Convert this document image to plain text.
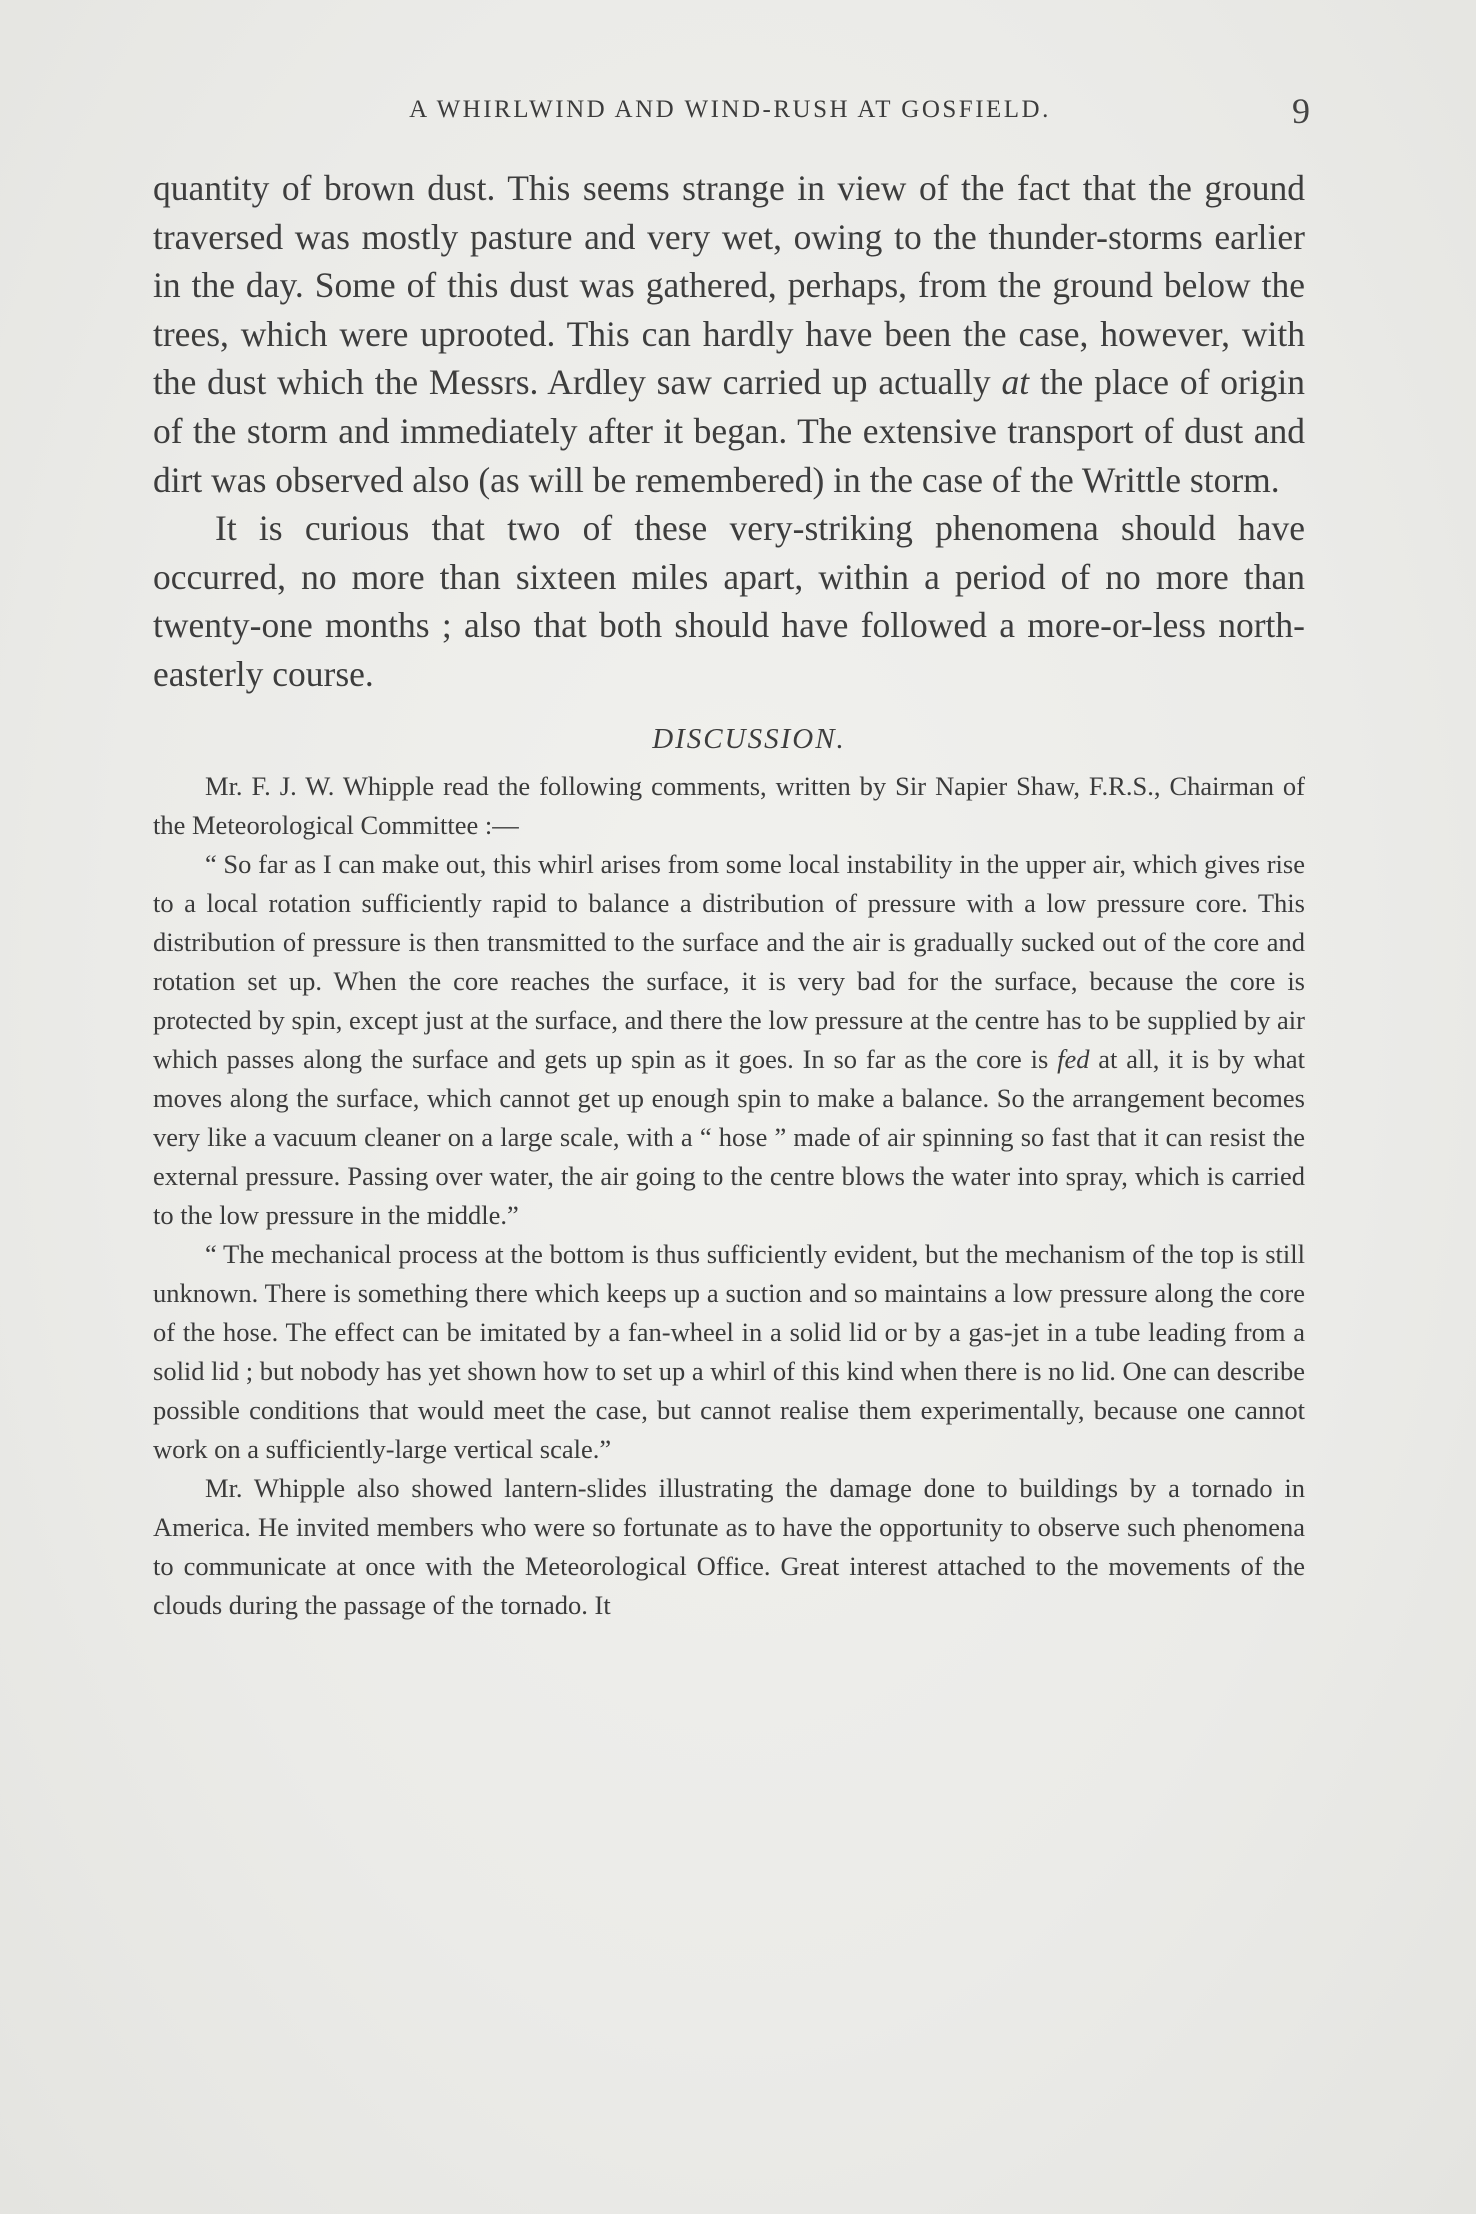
A WHIRLWIND AND WIND-RUSH AT GOSFIELD.	9

quantity of brown dust. This seems strange in view of the fact that the ground traversed was mostly pasture and very wet, owing to the thunder-storms earlier in the day. Some of this dust was gathered, perhaps, from the ground below the trees, which were uprooted. This can hardly have been the case, however, with the dust which the Messrs. Ardley saw carried up actually at the place of origin of the storm and immediately after it began. The extensive transport of dust and dirt was observed also (as will be remembered) in the case of the Writtle storm.

It is curious that two of these very-striking phenomena should have occurred, no more than sixteen miles apart, within a period of no more than twenty-one months ; also that both should have followed a more-or-less north-easterly course.

DISCUSSION.

Mr. F. J. W. Whipple read the following comments, written by Sir Napier Shaw, F.R.S., Chairman of the Meteorological Committee :—

“ So far as I can make out, this whirl arises from some local instability in the upper air, which gives rise to a local rotation sufficiently rapid to balance a distribution of pressure with a low pressure core. This distribution of pressure is then transmitted to the surface and the air is gradually sucked out of the core and rotation set up. When the core reaches the surface, it is very bad for the surface, because the core is protected by spin, except just at the surface, and there the low pressure at the centre has to be supplied by air which passes along the surface and gets up spin as it goes. In so far as the core is fed at all, it is by what moves along the surface, which cannot get up enough spin to make a balance. So the arrangement becomes very like a vacuum cleaner on a large scale, with a “ hose ” made of air spinning so fast that it can resist the external pressure. Passing over water, the air going to the centre blows the water into spray, which is carried to the low pressure in the middle.”

“ The mechanical process at the bottom is thus sufficiently evident, but the mechanism of the top is still unknown. There is something there which keeps up a suction and so maintains a low pressure along the core of the hose. The effect can be imitated by a fan-wheel in a solid lid or by a gas-jet in a tube leading from a solid lid ; but nobody has yet shown how to set up a whirl of this kind when there is no lid. One can describe possible conditions that would meet the case, but cannot realise them experimentally, because one cannot work on a sufficiently-large vertical scale.”

Mr. Whipple also showed lantern-slides illustrating the damage done to buildings by a tornado in America. He invited members who were so fortunate as to have the opportunity to observe such phenomena to communicate at once with the Meteorological Office. Great interest attached to the movements of the clouds during the passage of the tornado. It
